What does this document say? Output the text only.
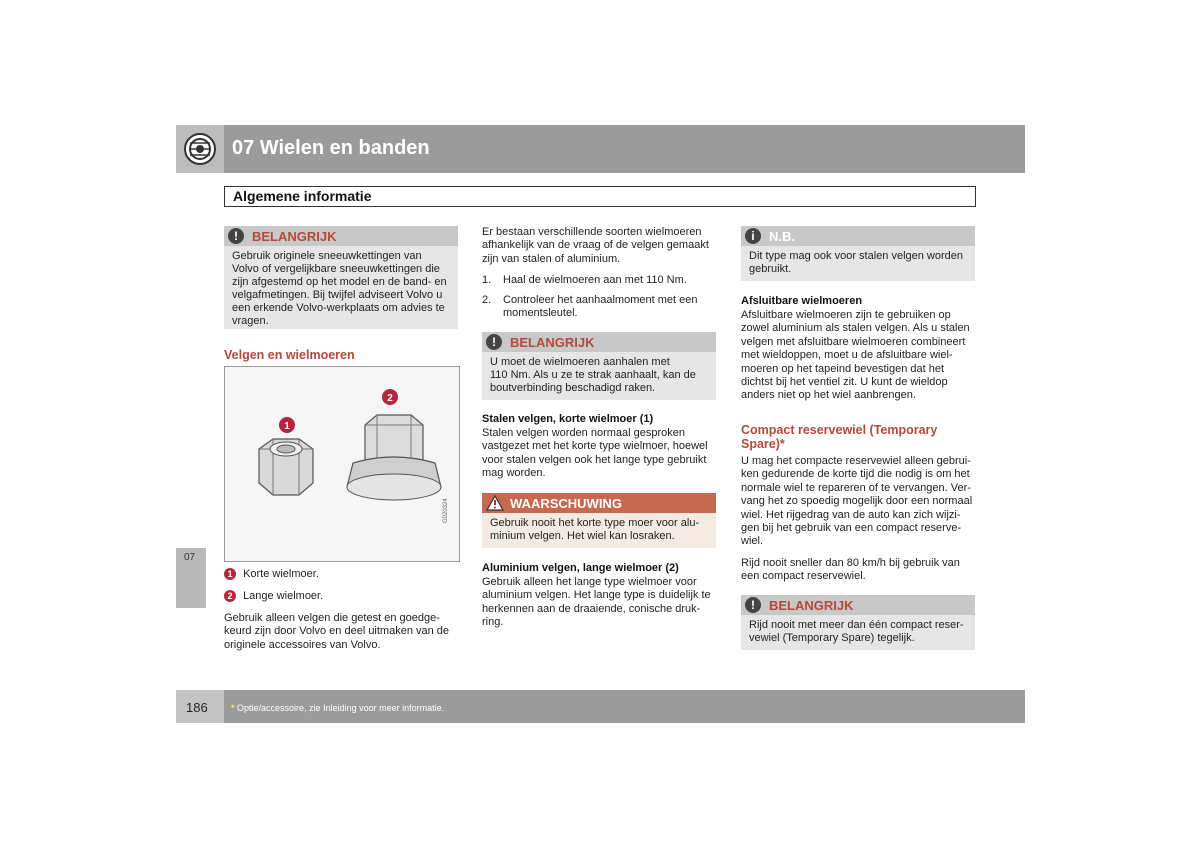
07 Wielen en banden
Algemene informatie
07
!	BELANGRIJK
Gebruik originele sneeuwkettingen van
Volvo of vergelijkbare sneeuwkettingen die
zijn afgestemd op het model en de band- en
velgafmetingen. Bij twijfel adviseert Volvo u
een erkende Volvo-werkplaats om advies te
vragen.
Velgen en wielmoeren
1
2
G020324
1 Korte wielmoer.
2 Lange wielmoer.
Gebruik alleen velgen die getest en goedge-
keurd zijn door Volvo en deel uitmaken van de
originele accessoires van Volvo.
Er bestaan verschillende soorten wielmoeren
afhankelijk van de vraag of de velgen gemaakt
zijn van stalen of aluminium.
1. Haal de wielmoeren aan met 110 Nm.
2. Controleer het aanhaalmoment met een
momentsleutel.
!	BELANGRIJK
U moet de wielmoeren aanhalen met
110 Nm. Als u ze te strak aanhaalt, kan de
boutverbinding beschadigd raken.
Stalen velgen, korte wielmoer (1)
Stalen velgen worden normaal gesproken
vastgezet met het korte type wielmoer, hoewel
voor stalen velgen ook het lange type gebruikt
mag worden.
WAARSCHUWING
Gebruik nooit het korte type moer voor alu-
minium velgen. Het wiel kan losraken.
Aluminium velgen, lange wielmoer (2)
Gebruik alleen het lange type wielmoer voor
aluminium velgen. Het lange type is duidelijk te
herkennen aan de draaiende, conische druk-
ring.
i	N.B.
Dit type mag ook voor stalen velgen worden
gebruikt.
Afsluitbare wielmoeren
Afsluitbare wielmoeren zijn te gebruiken op
zowel aluminium als stalen velgen. Als u stalen
velgen met afsluitbare wielmoeren combineert
met wieldoppen, moet u de afsluitbare wiel-
moeren op het tapeind bevestigen dat het
dichtst bij het ventiel zit. U kunt de wieldop
anders niet op het wiel aanbrengen.
Compact reservewiel (Temporary
Spare)*
U mag het compacte reservewiel alleen gebrui-
ken gedurende de korte tijd die nodig is om het
normale wiel te repareren of te vervangen. Ver-
vang het zo spoedig mogelijk door een normaal
wiel. Het rijgedrag van de auto kan zich wijzi-
gen bij het gebruik van een compact reserve-
wiel.
Rijd nooit sneller dan 80 km/h bij gebruik van
een compact reservewiel.
!	BELANGRIJK
Rijd nooit met meer dan één compact reser-
vewiel (Temporary Spare) tegelijk.
186	* Optie/accessoire, zie Inleiding voor meer informatie.
